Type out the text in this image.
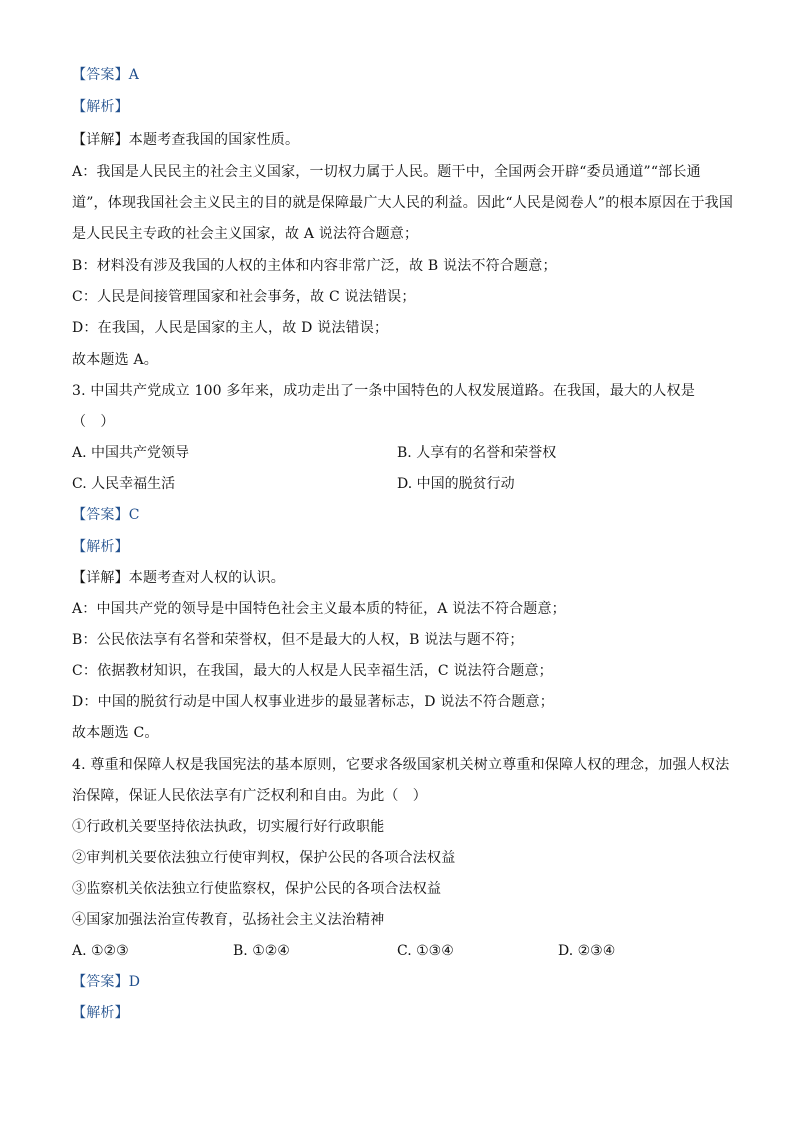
【答案】A
【解析】
【详解】本题考查我国的国家性质。
A：我国是人民民主的社会主义国家，一切权力属于人民。题干中，全国两会开辟“委员通道”“部长通
道”，体现我国社会主义民主的目的就是保障最广大人民的利益。因此“人民是阅卷人”的根本原因在于我国
是人民民主专政的社会主义国家，故 A 说法符合题意；
B：材料没有涉及我国的人权的主体和内容非常广泛，故 B 说法不符合题意；
C：人民是间接管理国家和社会事务，故 C 说法错误；
D：在我国，人民是国家的主人，故 D 说法错误；
故本题选 A。
3. 中国共产党成立 100 多年来，成功走出了一条中国特色的人权发展道路。在我国，最大的人权是
（　）
A. 中国共产党领导	B. 人享有的名誉和荣誉权
C. 人民幸福生活	D. 中国的脱贫行动
【答案】C
【解析】
【详解】本题考查对人权的认识。
A：中国共产党的领导是中国特色社会主义最本质的特征，A 说法不符合题意；
B：公民依法享有名誉和荣誉权，但不是最大的人权，B 说法与题不符；
C：依据教材知识，在我国，最大的人权是人民幸福生活，C 说法符合题意；
D：中国的脱贫行动是中国人权事业进步的最显著标志，D 说法不符合题意；
故本题选 C。
4. 尊重和保障人权是我国宪法的基本原则，它要求各级国家机关树立尊重和保障人权的理念，加强人权法
治保障，保证人民依法享有广泛权利和自由。为此（　）
①行政机关要坚持依法执政，切实履行好行政职能
②审判机关要依法独立行使审判权，保护公民的各项合法权益
③监察机关依法独立行使监察权，保护公民的各项合法权益
④国家加强法治宣传教育，弘扬社会主义法治精神
A. ①②③	B. ①②④	C. ①③④	D. ②③④
【答案】D
【解析】
